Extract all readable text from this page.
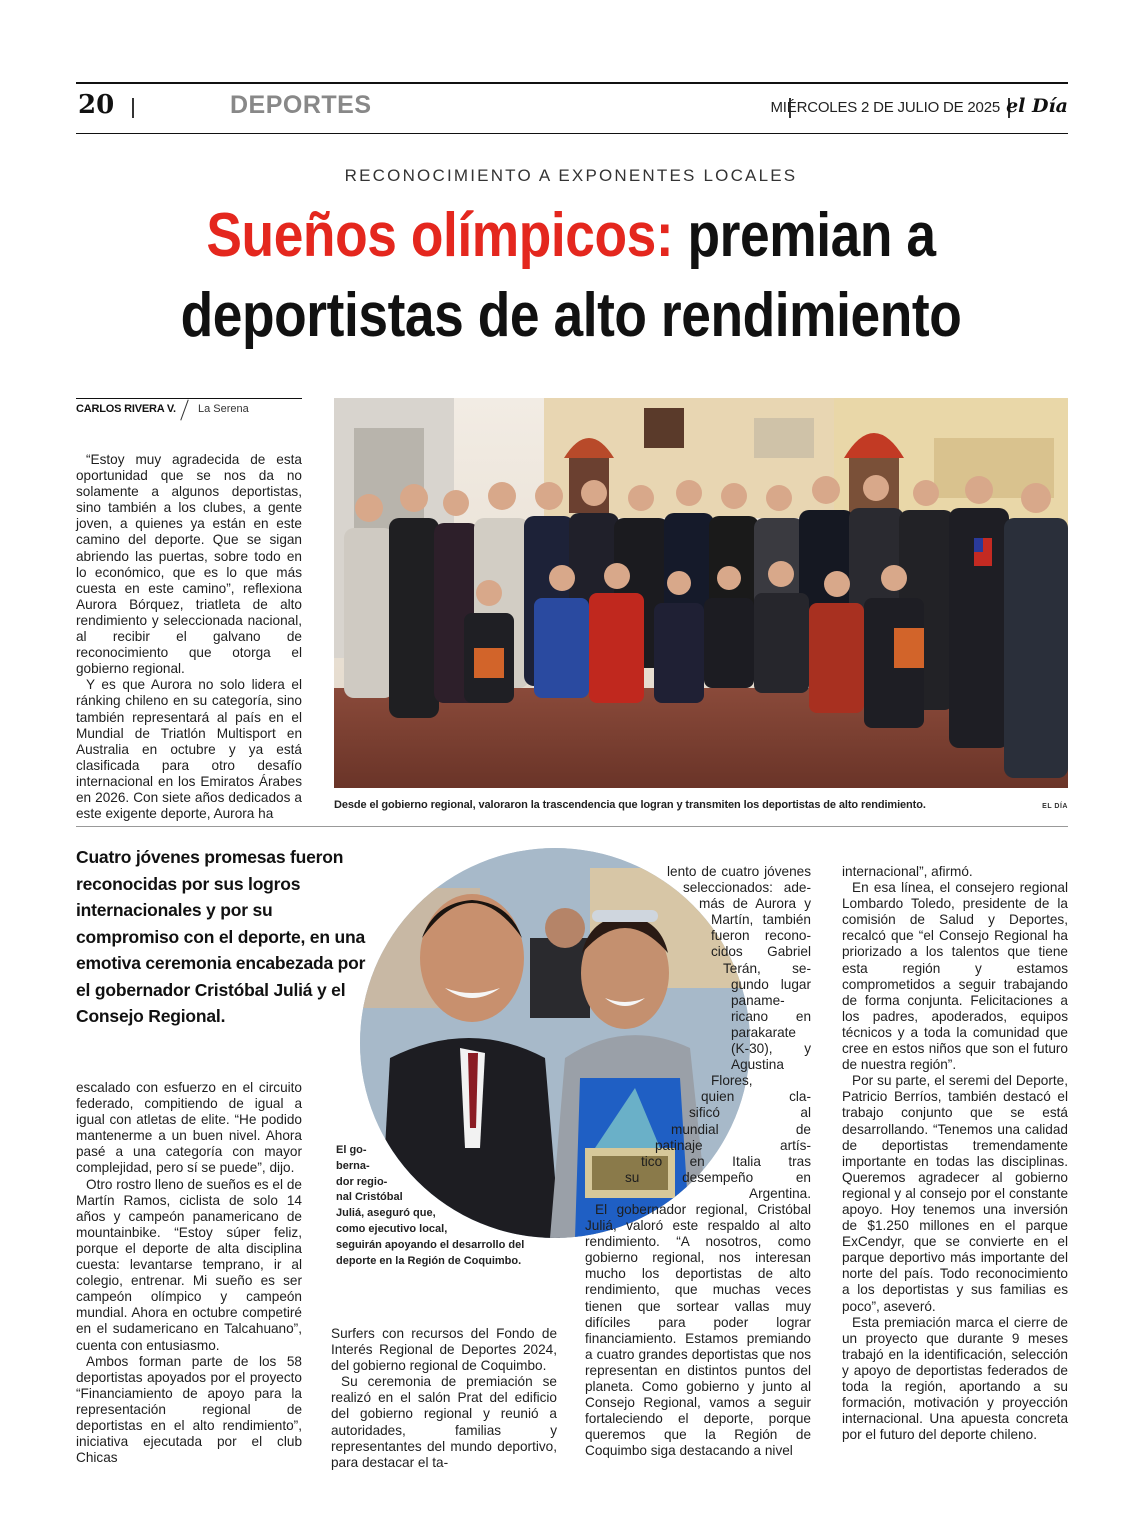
20	DEPORTES	MIÉRCOLES 2 DE JULIO DE 2025 el Día
RECONOCIMIENTO A EXPONENTES LOCALES
Sueños olímpicos: premian a
deportistas de alto rendimiento
CARLOS RIVERA V. La Serena

“Estoy muy agradecida de esta oportunidad que se nos da no solamente a algunos deportistas, sino también a los clubes, a gente joven, a quienes ya están en este camino del deporte. Que se sigan abriendo las puertas, sobre todo en lo económico, que es lo que más cuesta en este camino”, reflexiona Aurora Bórquez, triatleta de alto rendimiento y seleccionada nacional, al recibir el galvano de reconocimiento que otorga el gobierno regional.

Y es que Aurora no solo lidera el ránking chileno en su categoría, sino también representará al país en el Mundial de Triatlón Multisport en Australia en octubre y ya está clasificada para otro desafío internacional en los Emiratos Árabes en 2026. Con siete años dedicados a este exigente deporte, Aurora ha

Desde el gobierno regional, valoraron la trascendencia que logran y transmiten los deportistas de alto rendimiento.	EL DÍA
Cuatro jóvenes promesas fueron reconocidas por sus logros internacionales y por su compromiso con el deporte, en una emotiva ceremonia encabezada por el gobernador Cristóbal Juliá y el Consejo Regional.
lento de cuatro jóvenes
seleccionados: ade-
más de Aurora y
Martín, también
fueron recono-
cidos Gabriel
Terán, se-
gundo lugar
paname-
ricano en
parakarate
(K-30), y
Agustina
Flores,
quien cla-
sificó al
mundial de
patinaje artís-
tico en Italia tras
su desempeño en
Argentina.

El gobernador regional, Cristóbal Juliá, valoró este respaldo al alto rendimiento. “A nosotros, como gobierno regional, nos interesan mucho los deportistas de alto rendimiento, que muchas veces tienen que sortear vallas muy difíciles para poder lograr financiamiento. Estamos premiando a cuatro grandes deportistas que nos representan en distintos puntos del planeta. Como gobierno y junto al Consejo Regional, vamos a seguir fortaleciendo el deporte, porque queremos que la Región de Coquimbo siga destacando a nivel

El go-
berna-
dor regio-
nal Cristóbal
Juliá, aseguró que,
como ejecutivo local,
seguirán apoyando el desarrollo del
deporte en la Región de Coquimbo.

escalado con esfuerzo en el circuito federado, compitiendo de igual a igual con atletas de elite. “He podido mantenerme a un buen nivel. Ahora pasé a una categoría con mayor complejidad, pero sí se puede”, dijo.

Otro rostro lleno de sueños es el de Martín Ramos, ciclista de solo 14 años y campeón panamericano de mountainbike. “Estoy súper feliz, porque el deporte de alta disciplina cuesta: levantarse temprano, ir al colegio, entrenar. Mi sueño es ser campeón olímpico y campeón mundial. Ahora en octubre competiré en el sudamericano en Talcahuano”, cuenta con entusiasmo.

Ambos forman parte de los 58 deportistas apoyados por el proyecto “Financiamiento de apoyo para la representación regional de deportistas en el alto rendimiento”, iniciativa ejecutada por el club Chicas

Surfers con recursos del Fondo de Interés Regional de Deportes 2024, del gobierno regional de Coquimbo.

Su ceremonia de premiación se realizó en el salón Prat del edificio del gobierno regional y reunió a autoridades, familias y representantes del mundo deportivo, para destacar el ta-

internacional”, afirmó.

En esa línea, el consejero regional Lombardo Toledo, presidente de la comisión de Salud y Deportes, recalcó que “el Consejo Regional ha priorizado a los talentos que tiene esta región y estamos comprometidos a seguir trabajando de forma conjunta. Felicitaciones a los padres, apoderados, equipos técnicos y a toda la comunidad que cree en estos niños que son el futuro de nuestra región”.

Por su parte, el seremi del Deporte, Patricio Berríos, también destacó el trabajo conjunto que se está desarrollando. “Tenemos una calidad de deportistas tremendamente importante en todas las disciplinas. Queremos agradecer al gobierno regional y al consejo por el constante apoyo. Hoy tenemos una inversión de $1.250 millones en el parque ExCendyr, que se convierte en el parque deportivo más importante del norte del país. Todo reconocimiento a los deportistas y sus familias es poco”, aseveró.

Esta premiación marca el cierre de un proyecto que durante 9 meses trabajó en la identificación, selección y apoyo de deportistas federados de toda la región, aportando a su formación, motivación y proyección internacional. Una apuesta concreta por el futuro del deporte chileno.
